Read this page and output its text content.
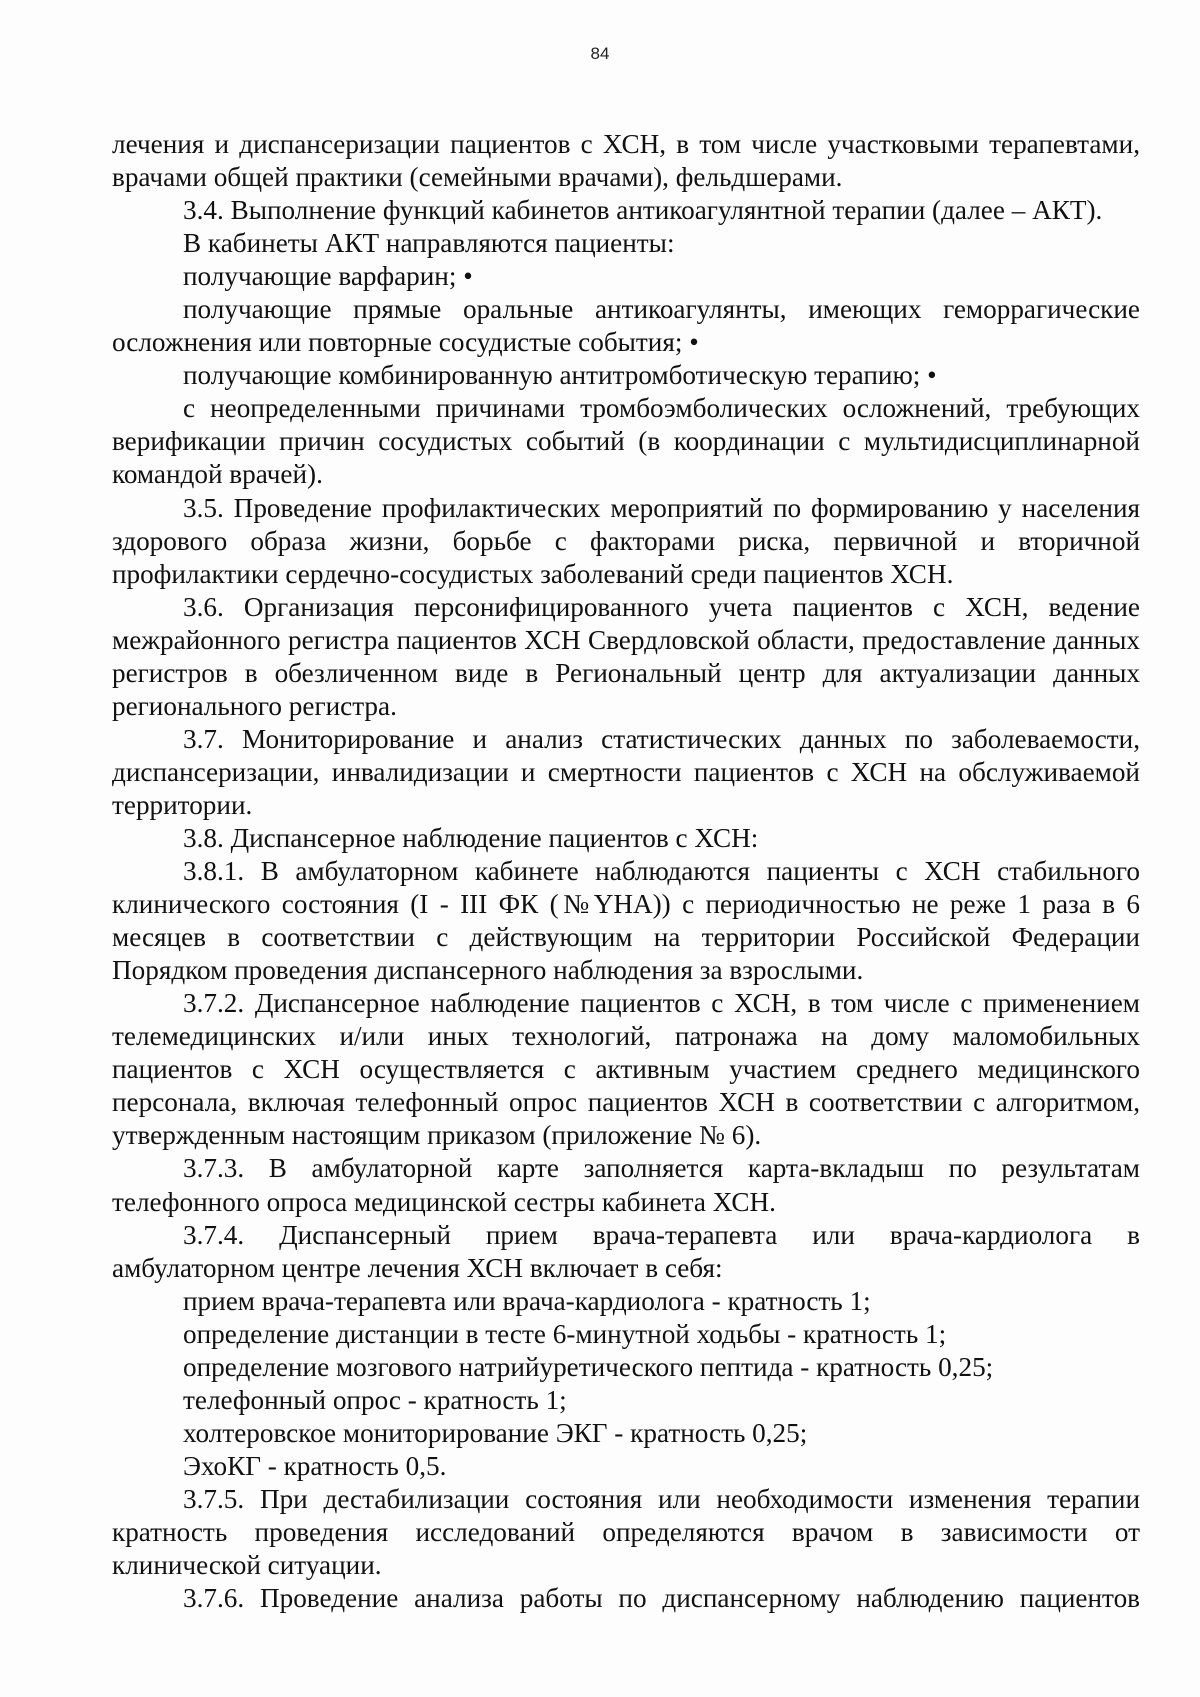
84

лечения и диспансеризации пациентов с ХСН, в том числе участковыми терапевтами, врачами общей практики (семейными врачами), фельдшерами.

3.4. Выполнение функций кабинетов антикоагулянтной терапии (далее – АКТ).

В кабинеты АКТ направляются пациенты:

получающие варфарин; •

получающие прямые оральные антикоагулянты, имеющих геморрагические осложнения или повторные сосудистые события; •

получающие комбинированную антитромботическую терапию; •

с неопределенными причинами тромбоэмболических осложнений, требующих верификации причин сосудистых событий (в координации с мультидисциплинарной командой врачей).

3.5. Проведение профилактических мероприятий по формированию у населения здорового образа жизни, борьбе с факторами риска, первичной и вторичной профилактики сердечно-сосудистых заболеваний среди пациентов ХСН.

3.6. Организация персонифицированного учета пациентов с ХСН, ведение межрайонного регистра пациентов ХСН Свердловской области, предоставление данных регистров в обезличенном виде в Региональный центр для актуализации данных регионального регистра.

3.7. Мониторирование и анализ статистических данных по заболеваемости, диспансеризации, инвалидизации и смертности пациентов с ХСН на обслуживаемой территории.

3.8. Диспансерное наблюдение пациентов с ХСН:

3.8.1. В амбулаторном кабинете наблюдаются пациенты с ХСН стабильного клинического состояния (I - III ФК (№YHA)) с периодичностью не реже 1 раза в 6 месяцев в соответствии с действующим на территории Российской Федерации Порядком проведения диспансерного наблюдения за взрослыми.

3.7.2. Диспансерное наблюдение пациентов с ХСН, в том числе с применением телемедицинских и/или иных технологий, патронажа на дому маломобильных пациентов с ХСН осуществляется с активным участием среднего медицинского персонала, включая телефонный опрос пациентов ХСН в соответствии с алгоритмом, утвержденным настоящим приказом (приложение № 6).

3.7.3. В амбулаторной карте заполняется карта-вкладыш по результатам телефонного опроса медицинской сестры кабинета ХСН.

3.7.4. Диспансерный прием врача-терапевта или врача-кардиолога в амбулаторном центре лечения ХСН включает в себя:

прием врача-терапевта или врача-кардиолога - кратность 1;

определение дистанции в тесте 6-минутной ходьбы - кратность 1;

определение мозгового натрийуретического пептида - кратность 0,25;

телефонный опрос - кратность 1;

холтеровское мониторирование ЭКГ - кратность 0,25;

ЭхоКГ - кратность 0,5.

3.7.5. При дестабилизации состояния или необходимости изменения терапии кратность проведения исследований определяются врачом в зависимости от клинической ситуации.

3.7.6. Проведение анализа работы по диспансерному наблюдению пациентов
